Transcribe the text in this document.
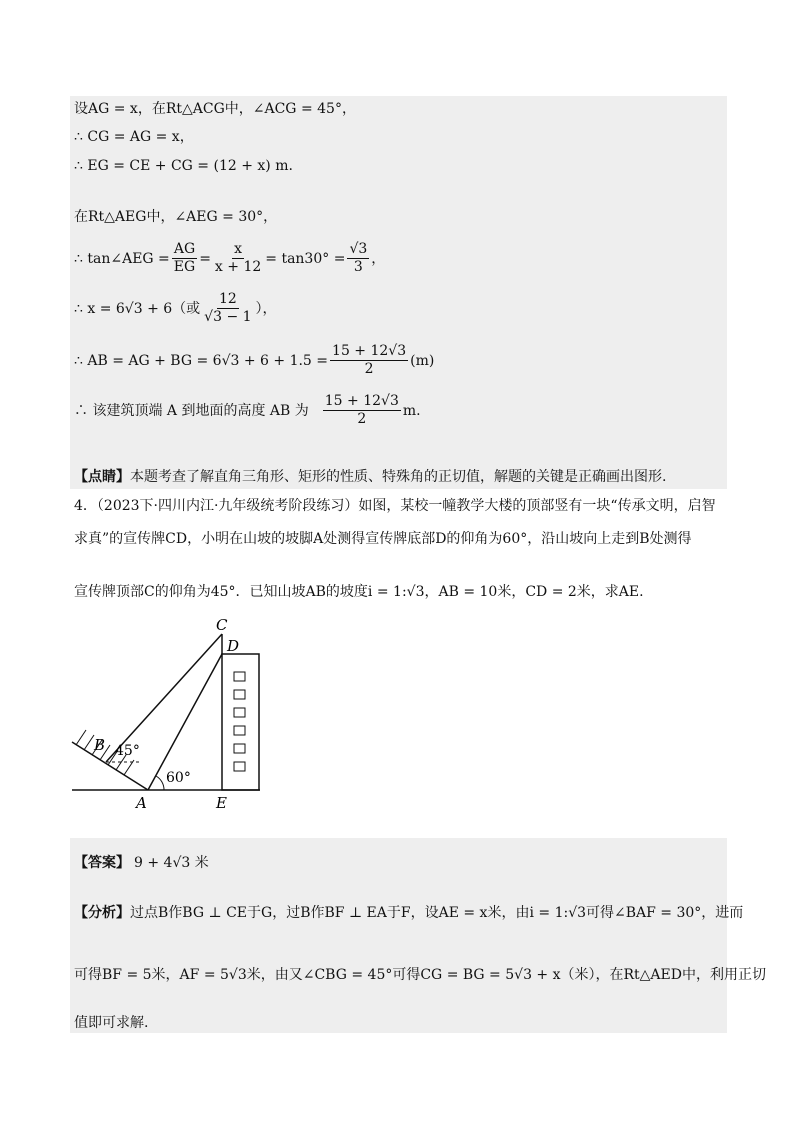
设AG = x，在Rt△ACG中，∠ACG = 45°，
∴ CG = AG = x，
∴ EG = CE + CG = (12 + x) m.
在Rt△AEG中，∠AEG = 30°，
∴ tan∠AEG = $\frac{AG}{EG} = \frac{x}{x + 12} = \tan 30^\circ = \frac{√3}{3}$ ，
∴ x = 6√3 + 6（或 $\frac{12}{√3 - 1}$ ），
∴ AB = AG + BG = $6√3 + 6 + 1.5 = \frac{15 + 12√3}{2} (m)$
∴ 该建筑顶端 A 到地面的高度 AB 为 $\frac{15 + 12√3}{2} m$.
【点睛】本题考查了解直角三角形、矩形的性质、特殊角的正切值，解题的关键是正确画出图形.
4．（2023下·四川内江·九年级统考阶段练习）如图，某校一幢教学大楼的顶部竖有一块“传承文明，启智
求真”的宣传牌CD，小明在山坡的坡脚A处测得宣传牌底部D的仰角为60°，沿山坡向上走到B处测得
宣传牌顶部C的仰角为45°．已知山坡AB的坡度i = 1:√3，AB = 10米，CD = 2米，求AE.
C
D
B
A	E
45°
60°
【答案】 9 + 4√3 米
【分析】过点B作BG ⊥ CE于G，过B作BF ⊥ EA于F，设AE = x米，由i = 1:√3可得∠BAF = 30°，进而
可得BF = 5米，AF = 5√3米，由又∠CBG = 45°可得CG = BG = 5√3 + x（米），在Rt△AED中，利用正切
值即可求解.
